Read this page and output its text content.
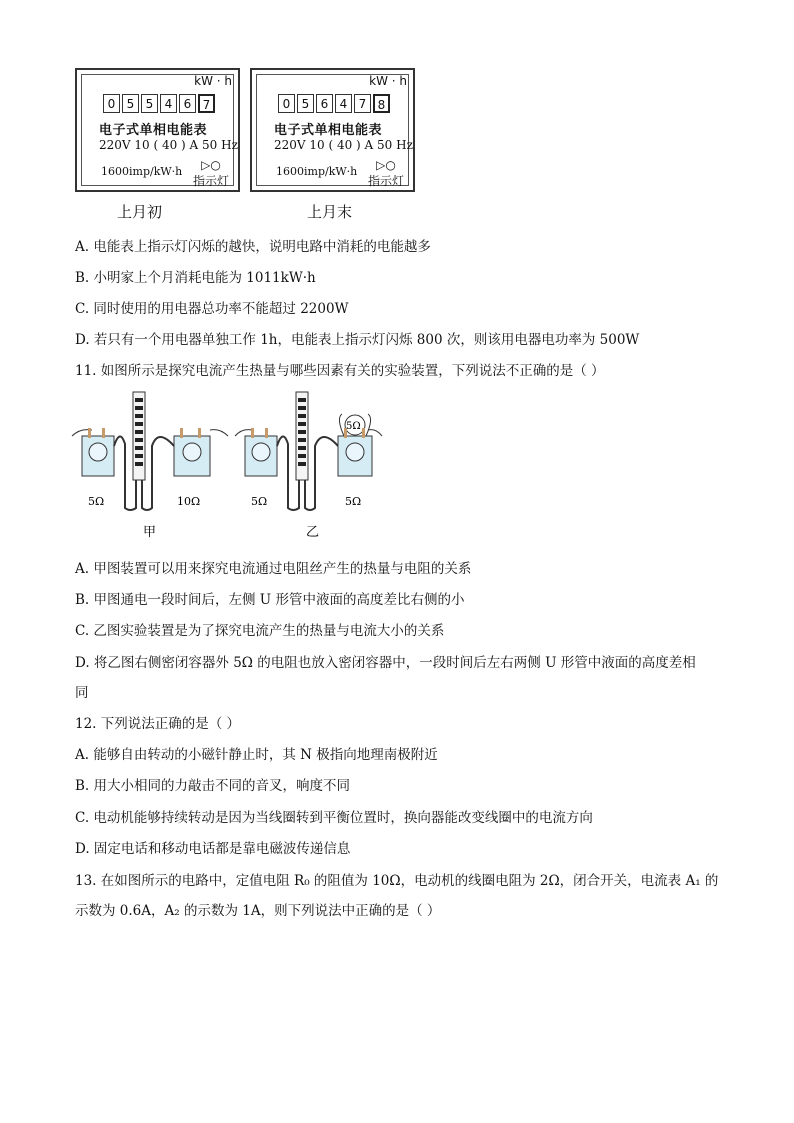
kW · h
0 5 5 4 6 7
电子式单相电能表
220V 10 ( 40 ) A 50 Hz
1600imp/kW·h	▷○
指示灯
上月初
kW · h
0 5 6 4 7 8
电子式单相电能表
220V 10 ( 40 ) A 50 Hz
1600imp/kW·h	▷○
指示灯
上月末
A. 电能表上指示灯闪烁的越快，说明电路中消耗的电能越多
B. 小明家上个月消耗电能为 1011kW·h
C. 同时使用的用电器总功率不能超过 2200W
D. 若只有一个用电器单独工作 1h，电能表上指示灯闪烁 800 次，则该用电器电功率为 500W
11. 如图所示是探究电流产生热量与哪些因素有关的实验装置，下列说法不正确的是（ ）
5Ω	10Ω	5Ω	5Ω
5Ω
甲	乙
A. 甲图装置可以用来探究电流通过电阻丝产生的热量与电阻的关系
B. 甲图通电一段时间后，左侧 U 形管中液面的高度差比右侧的小
C. 乙图实验装置是为了探究电流产生的热量与电流大小的关系
D. 将乙图右侧密闭容器外 5Ω 的电阻也放入密闭容器中，一段时间后左右两侧 U 形管中液面的高度差相
同
12. 下列说法正确的是（ ）
A. 能够自由转动的小磁针静止时，其 N 极指向地理南极附近
B. 用大小相同的力敲击不同的音叉，响度不同
C. 电动机能够持续转动是因为当线圈转到平衡位置时，换向器能改变线圈中的电流方向
D. 固定电话和移动电话都是靠电磁波传递信息
13. 在如图所示的电路中，定值电阻 R₀ 的阻值为 10Ω，电动机的线圈电阻为 2Ω，闭合开关，电流表 A₁ 的
示数为 0.6A，A₂ 的示数为 1A，则下列说法中正确的是（ ）
